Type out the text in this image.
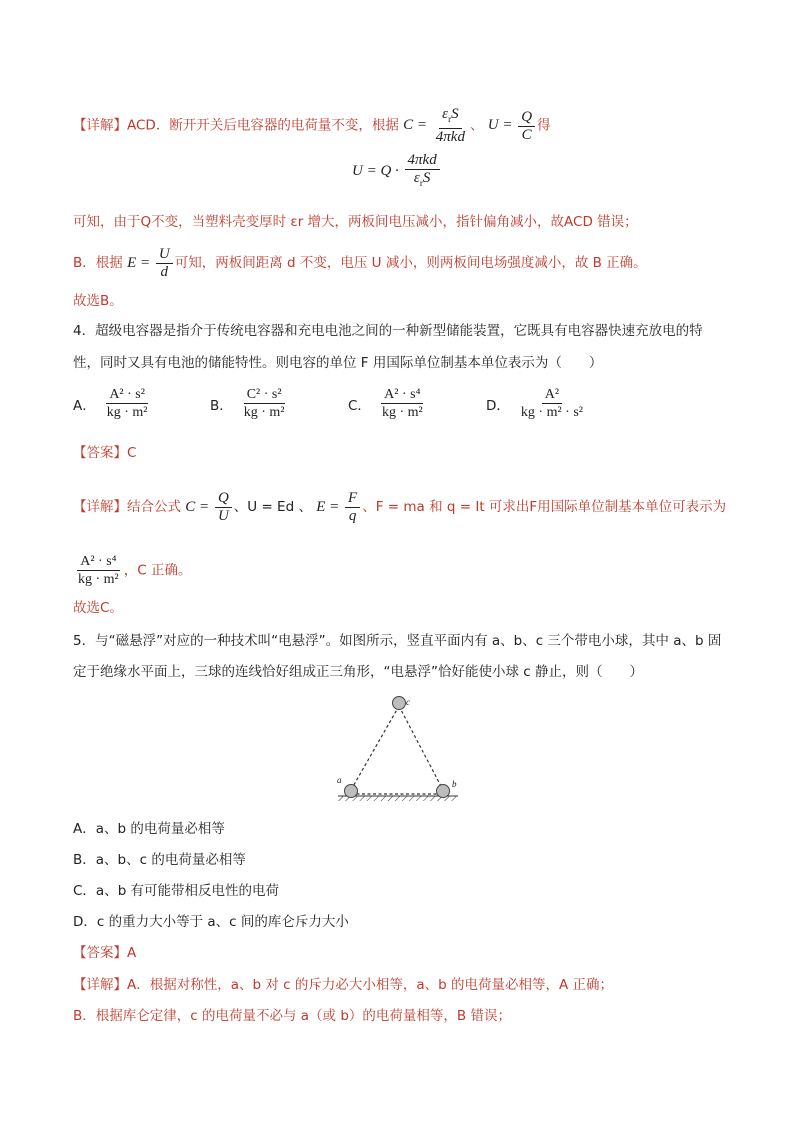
【详解】ACD．断开开关后电容器的电荷量不变，根据 $C = \frac{\varepsilon_rS}{\text{4πkd}}$ 、 $U = \frac{Q}{C}$ 得
$U = Q \cdot \frac{\text{4πkd}}{\varepsilon_rS}$
可知，由于Q不变，当塑料壳变厚时 εr 增大，两板间电压减小，指针偏角减小，故ACD 错误；
B．根据 $E = \frac{U}{d}$ 可知，两板间距离 d 不变，电压 U 减小，则两板间电场强度减小，故 B 正确。
故选B。
4．超级电容器是指介于传统电容器和充电电池之间的一种新型储能装置，它既具有电容器快速充放电的特
性，同时又具有电池的储能特性。则电容的单位 F 用国际单位制基本单位表示为（　　）
A． $\frac{\text{A² · s²}}{\text{kg · m²}}$	B． $\frac{\text{C² · s²}}{\text{kg · m²}}$	C． $\frac{\text{A² · s⁴}}{\text{kg · m²}}$	D． $\frac{\text{A²}}{\text{kg · m² · s²}}$
【答案】C
【详解】结合公式 $C = \frac{Q}{U}$ 、U = Ed 、 $E = \frac{F}{q}$ 、F = ma 和 q = It 可求出F用国际单位制基本单位可表示为
$\frac{\text{A² · s⁴}}{\text{kg · m²}}$ ，C 正确。
故选C。
5．与“磁悬浮”对应的一种技术叫“电悬浮”。如图所示，竖直平面内有 a、b、c 三个带电小球，其中 a、b 固
定于绝缘水平面上，三球的连线恰好组成正三角形，“电悬浮”恰好能使小球 c 静止，则（　　）
c
a	b
A．a、b 的电荷量必相等
B．a、b、c 的电荷量必相等
C．a、b 有可能带相反电性的电荷
D．c 的重力大小等于 a、c 间的库仑斥力大小
【答案】A
【详解】A．根据对称性，a、b 对 c 的斥力必大小相等，a、b 的电荷量必相等，A 正确；
B．根据库仑定律，c 的电荷量不必与 a（或 b）的电荷量相等，B 错误；
